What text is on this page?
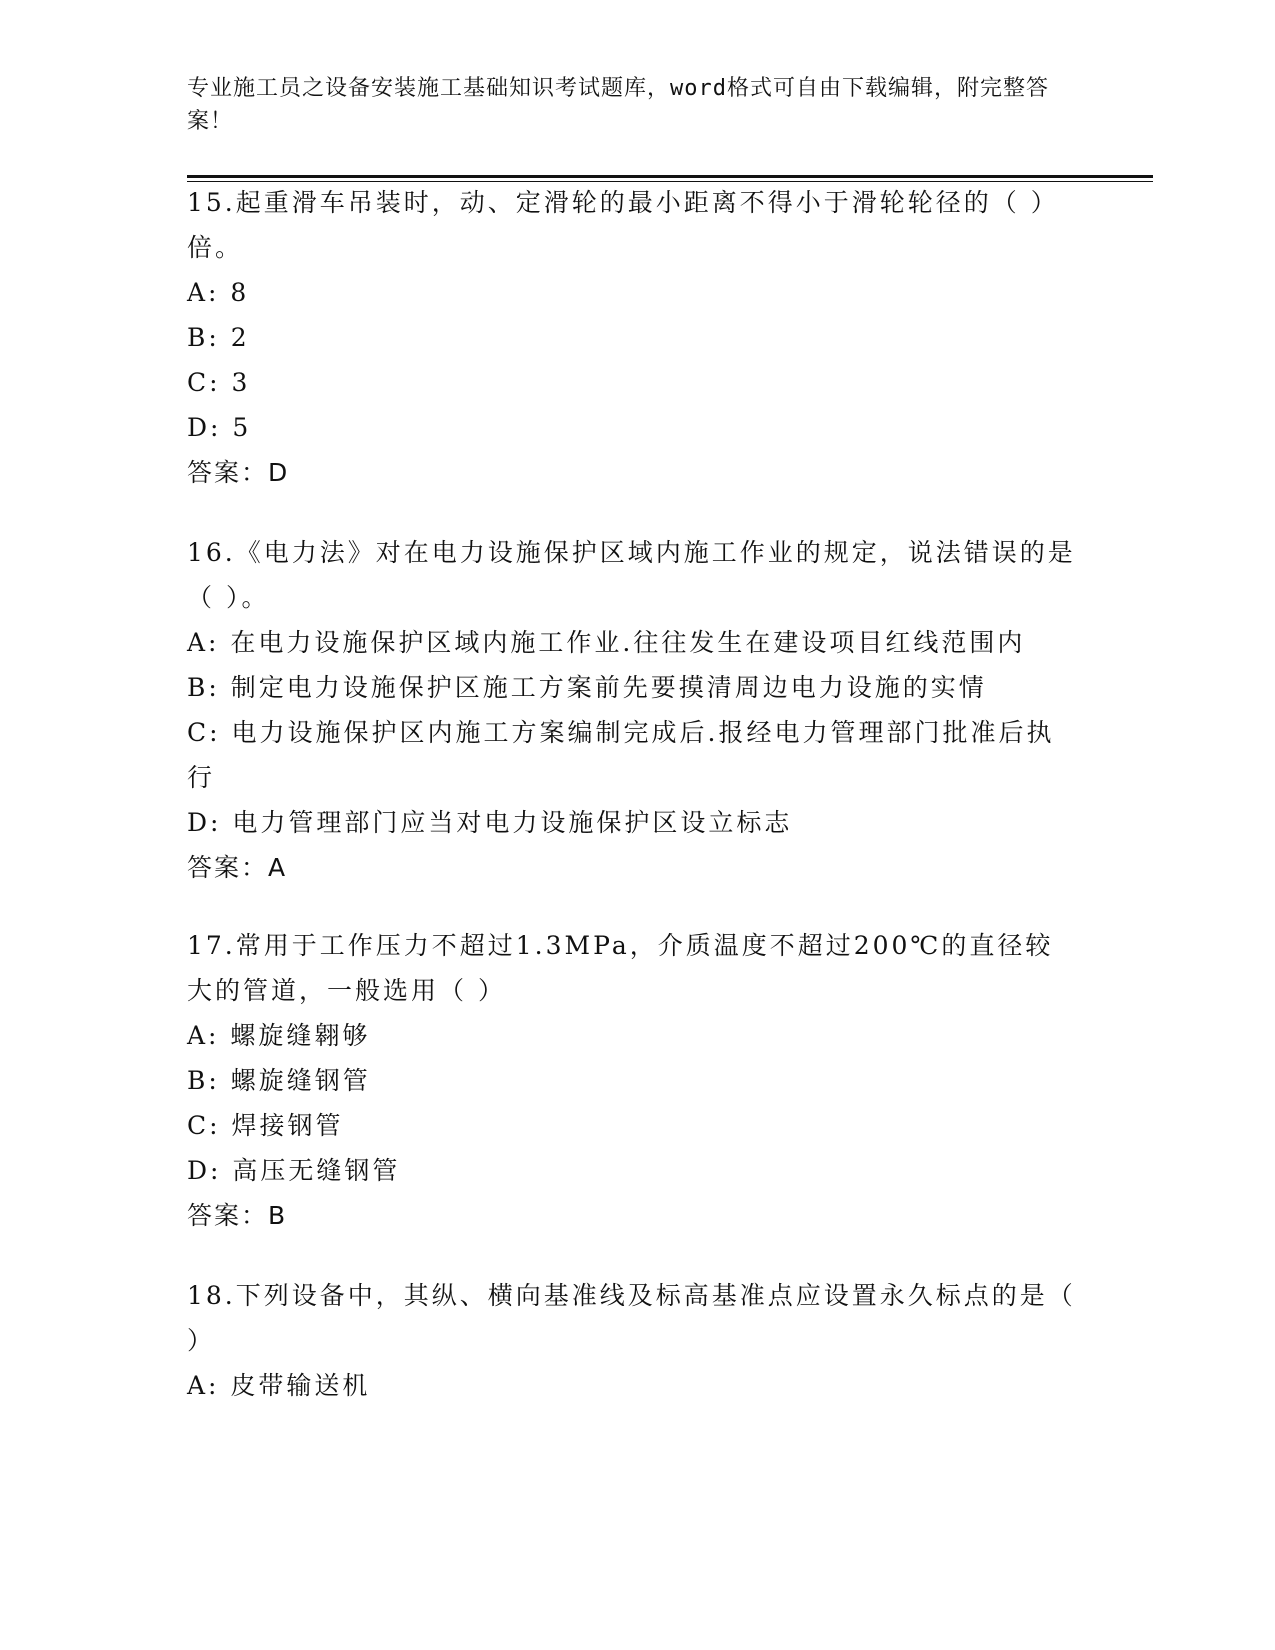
专业施工员之设备安装施工基础知识考试题库，word格式可自由下载编辑，附完整答案！
15.起重滑车吊装时，动、定滑轮的最小距离不得小于滑轮轮径的（ ）倍。
A: 8
B: 2
C: 3
D: 5
答案：D
16.《电力法》对在电力设施保护区域内施工作业的规定，说法错误的是（ ）。
A: 在电力设施保护区域内施工作业.往往发生在建设项目红线范围内
B: 制定电力设施保护区施工方案前先要摸清周边电力设施的实情
C: 电力设施保护区内施工方案编制完成后.报经电力管理部门批准后执行
D: 电力管理部门应当对电力设施保护区设立标志
答案：A
17.常用于工作压力不超过1.3MPa，介质温度不超过200℃的直径较大的管道，一般选用（ ）
A: 螺旋缝翱够
B: 螺旋缝钢管
C: 焊接钢管
D: 高压无缝钢管
答案：B
18.下列设备中，其纵、横向基准线及标高基准点应设置永久标点的是（ ）
A: 皮带输送机
